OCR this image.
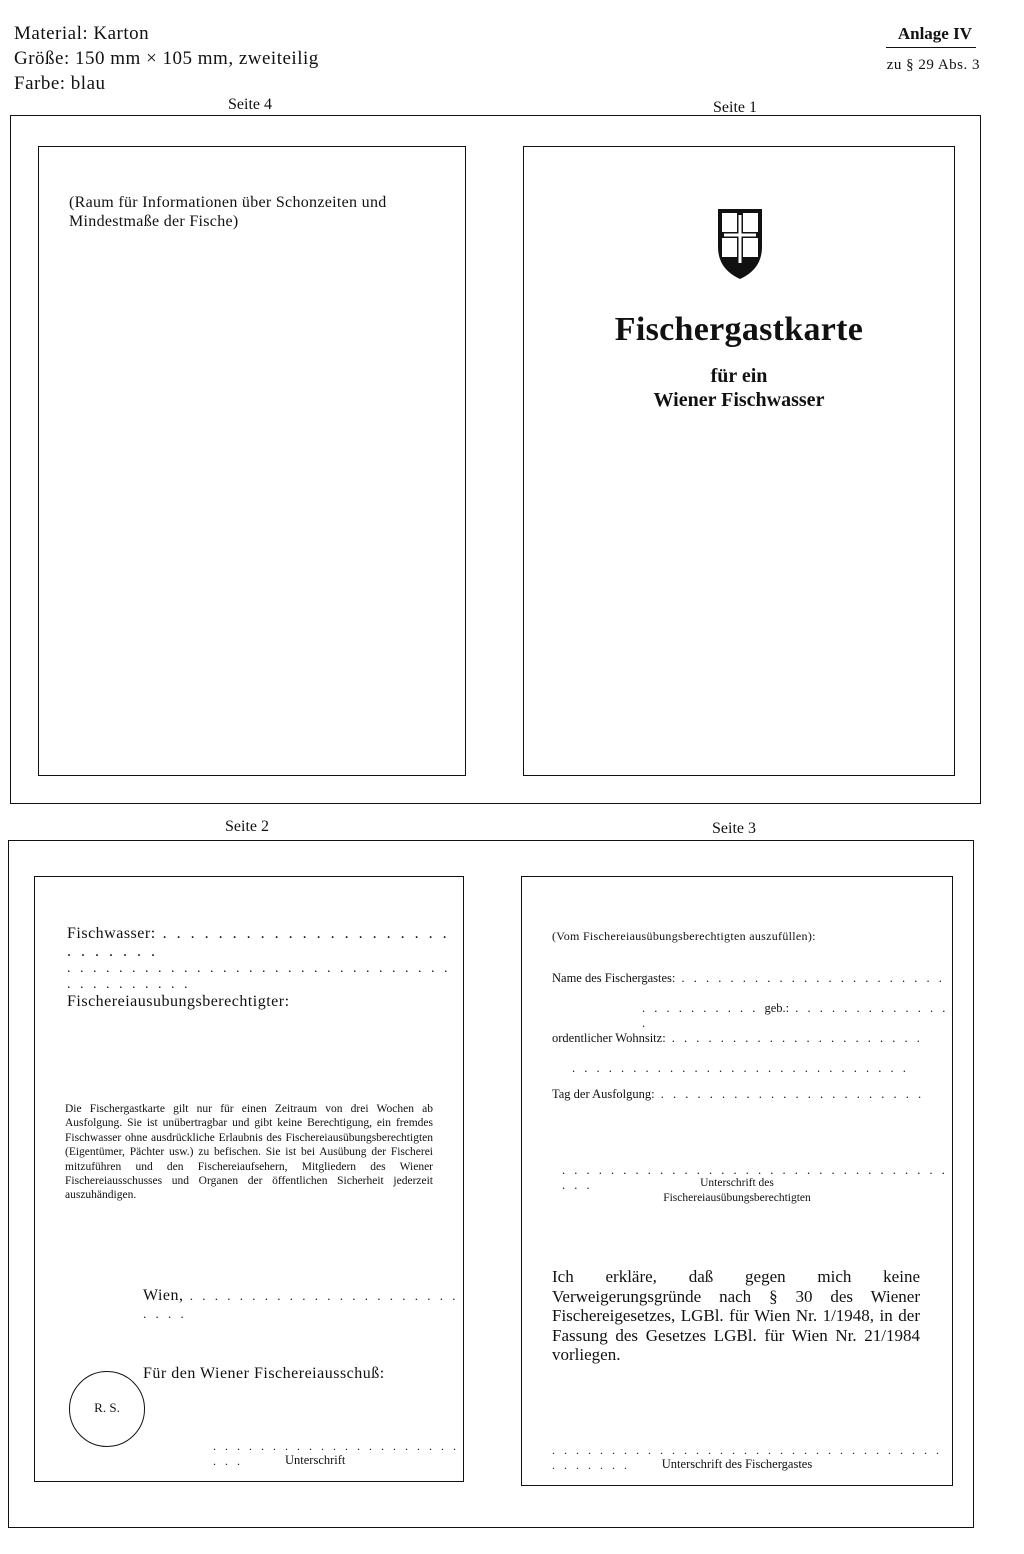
Material: Karton
Größe: 150 mm × 105 mm, zweiteilig
Farbe: blau
Anlage IV
zu § 29 Abs. 3
Seite 4	Seite 1
(Raum für Informationen über Schonzeiten und Mindestmaße der Fische)
Fischergastkarte
für ein
Wiener Fischwasser
Seite 2	Seite 3
Fischwasser: . . . . . . . . . . . . . . . . . . . . . . . . . . . .
. . . . . . . . . . . . . . . . . . . . . . . . . . . . . . . . . . . . . . . .
Fischereiausubungsberechtigter:
Die Fischergastkarte gilt nur für einen Zeitraum von drei Wochen ab Ausfolgung. Sie ist unübertragbar und gibt keine Berechtigung, ein fremdes Fischwasser ohne ausdrückliche Erlaubnis des Fischereiausübungsberechtigten (Eigentümer, Pächter usw.) zu befischen. Sie ist bei Ausübung der Fischerei mitzuführen und den Fischereiaufsehern, Mitgliedern des Wiener Fischereiausschusses und Organen der öffentlichen Sicherheit jederzeit auszuhändigen.
Wien, . . . . . . . . . . . . . . . . . . . . . . . . . .
Für den Wiener Fischereiausschuß:
R. S.
. . . . . . . . . . . . . . . . . . . . . . . .	Unterschrift
(Vom Fischereiausübungsberechtigten auszufüllen):
Name des Fischergastes: . . . . . . . . . . . . . . . . . . . . . .
. . . . . . . . . . geb.: . . . . . . . . . . . . . .
ordentlicher Wohnsitz: . . . . . . . . . . . . . . . . . . . . .
. . . . . . . . . . . . . . . . . . . . . . . . . . . .
Tag der Ausfolgung: . . . . . . . . . . . . . . . . . . . . . .
. . . . . . . . . . . . . . . . . . . . . . . . . . . . . . . . . . .	Unterschrift des
Fischereiausübungsberechtigten
Ich erkläre, daß gegen mich keine Verweigerungsgründe nach § 30 des Wiener Fischereigesetzes, LGBl. für Wien Nr. 1/1948, in der Fassung des Gesetzes LGBl. für Wien Nr. 21/1984 vorliegen.
. . . . . . . . . . . . . . . . . . . . . . . . . . . . . . . . . . . . . . . .	Unterschrift des Fischergastes
